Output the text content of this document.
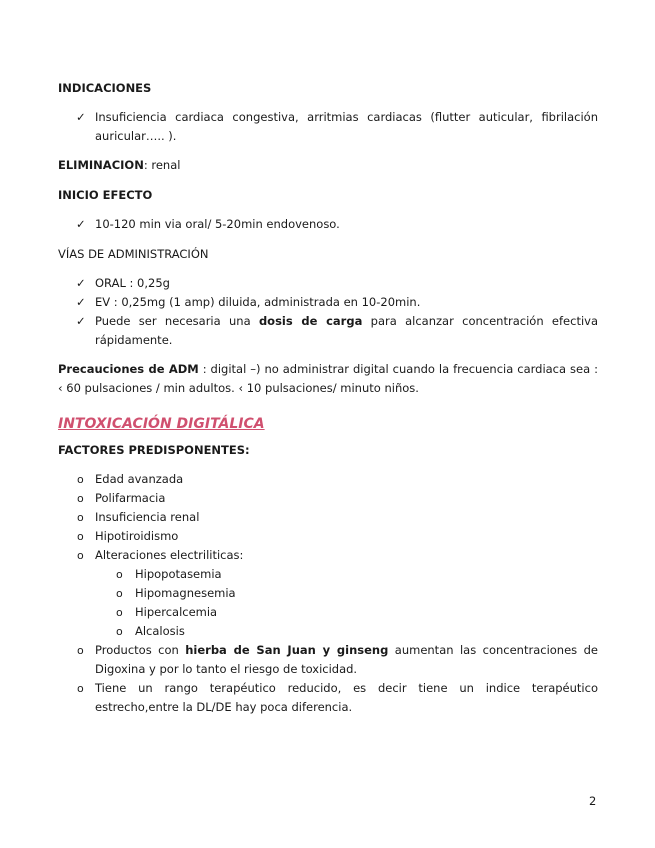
INDICACIONES

✓ Insuficiencia cardiaca congestiva, arritmias cardiacas (flutter auticular, fibrilación auricular….. ).

ELIMINACION: renal

INICIO EFECTO

✓ 10-120 min via oral/ 5-20min endovenoso.

VÍAS DE ADMINISTRACIÓN

✓ ORAL : 0,25g
✓ EV : 0,25mg (1 amp) diluida, administrada en 10-20min.
✓ Puede ser necesaria una dosis de carga para alcanzar concentración efectiva rápidamente.

Precauciones de ADM : digital –) no administrar digital cuando la frecuencia cardiaca sea : ‹ 60 pulsaciones / min adultos. ‹ 10 pulsaciones/ minuto niños.

INTOXICACIÓN DIGITÁLICA

FACTORES PREDISPONENTES:

o Edad avanzada
o Polifarmacia
o Insuficiencia renal
o Hipotiroidismo
o Alteraciones electriliticas:
o Hipopotasemia
o Hipomagnesemia
o Hipercalcemia
o Alcalosis
o Productos con hierba de San Juan y ginseng aumentan las concentraciones de Digoxina y por lo tanto el riesgo de toxicidad.
o Tiene un rango terapéutico reducido, es decir tiene un indice terapéutico estrecho,entre la DL/DE hay poca diferencia.
2
